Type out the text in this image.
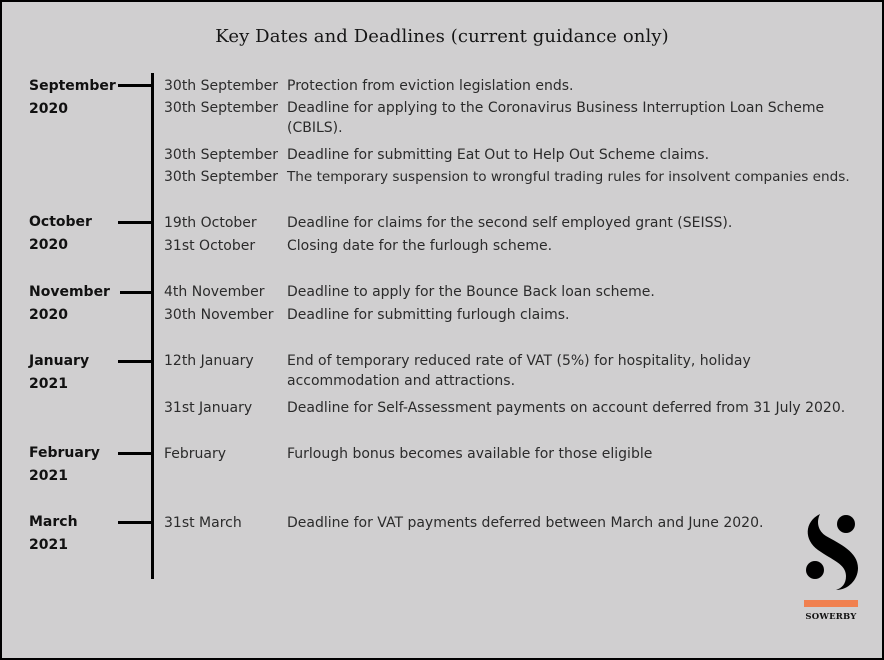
Key Dates and Deadlines (current guidance only)
September
2020
30th September Protection from eviction legislation ends.
30th September Deadline for applying to the Coronavirus Business Interruption Loan Scheme (CBILS).
30th September Deadline for submitting Eat Out to Help Out Scheme claims.
30th September The temporary suspension to wrongful trading rules for insolvent companies ends.
October
2020
19th October Deadline for claims for the second self employed grant (SEISS).
31st October Closing date for the furlough scheme.
November
2020
4th November Deadline to apply for the Bounce Back loan scheme.
30th November Deadline for submitting furlough claims.
January
2021
12th January End of temporary reduced rate of VAT (5%) for hospitality, holiday accommodation and attractions.
31st January Deadline for Self-Assessment payments on account deferred from 31 July 2020.
February
2021
February	Furlough bonus becomes available for those eligible
March
2021
31st March	Deadline for VAT payments deferred between March and June 2020.
SOWERBY
